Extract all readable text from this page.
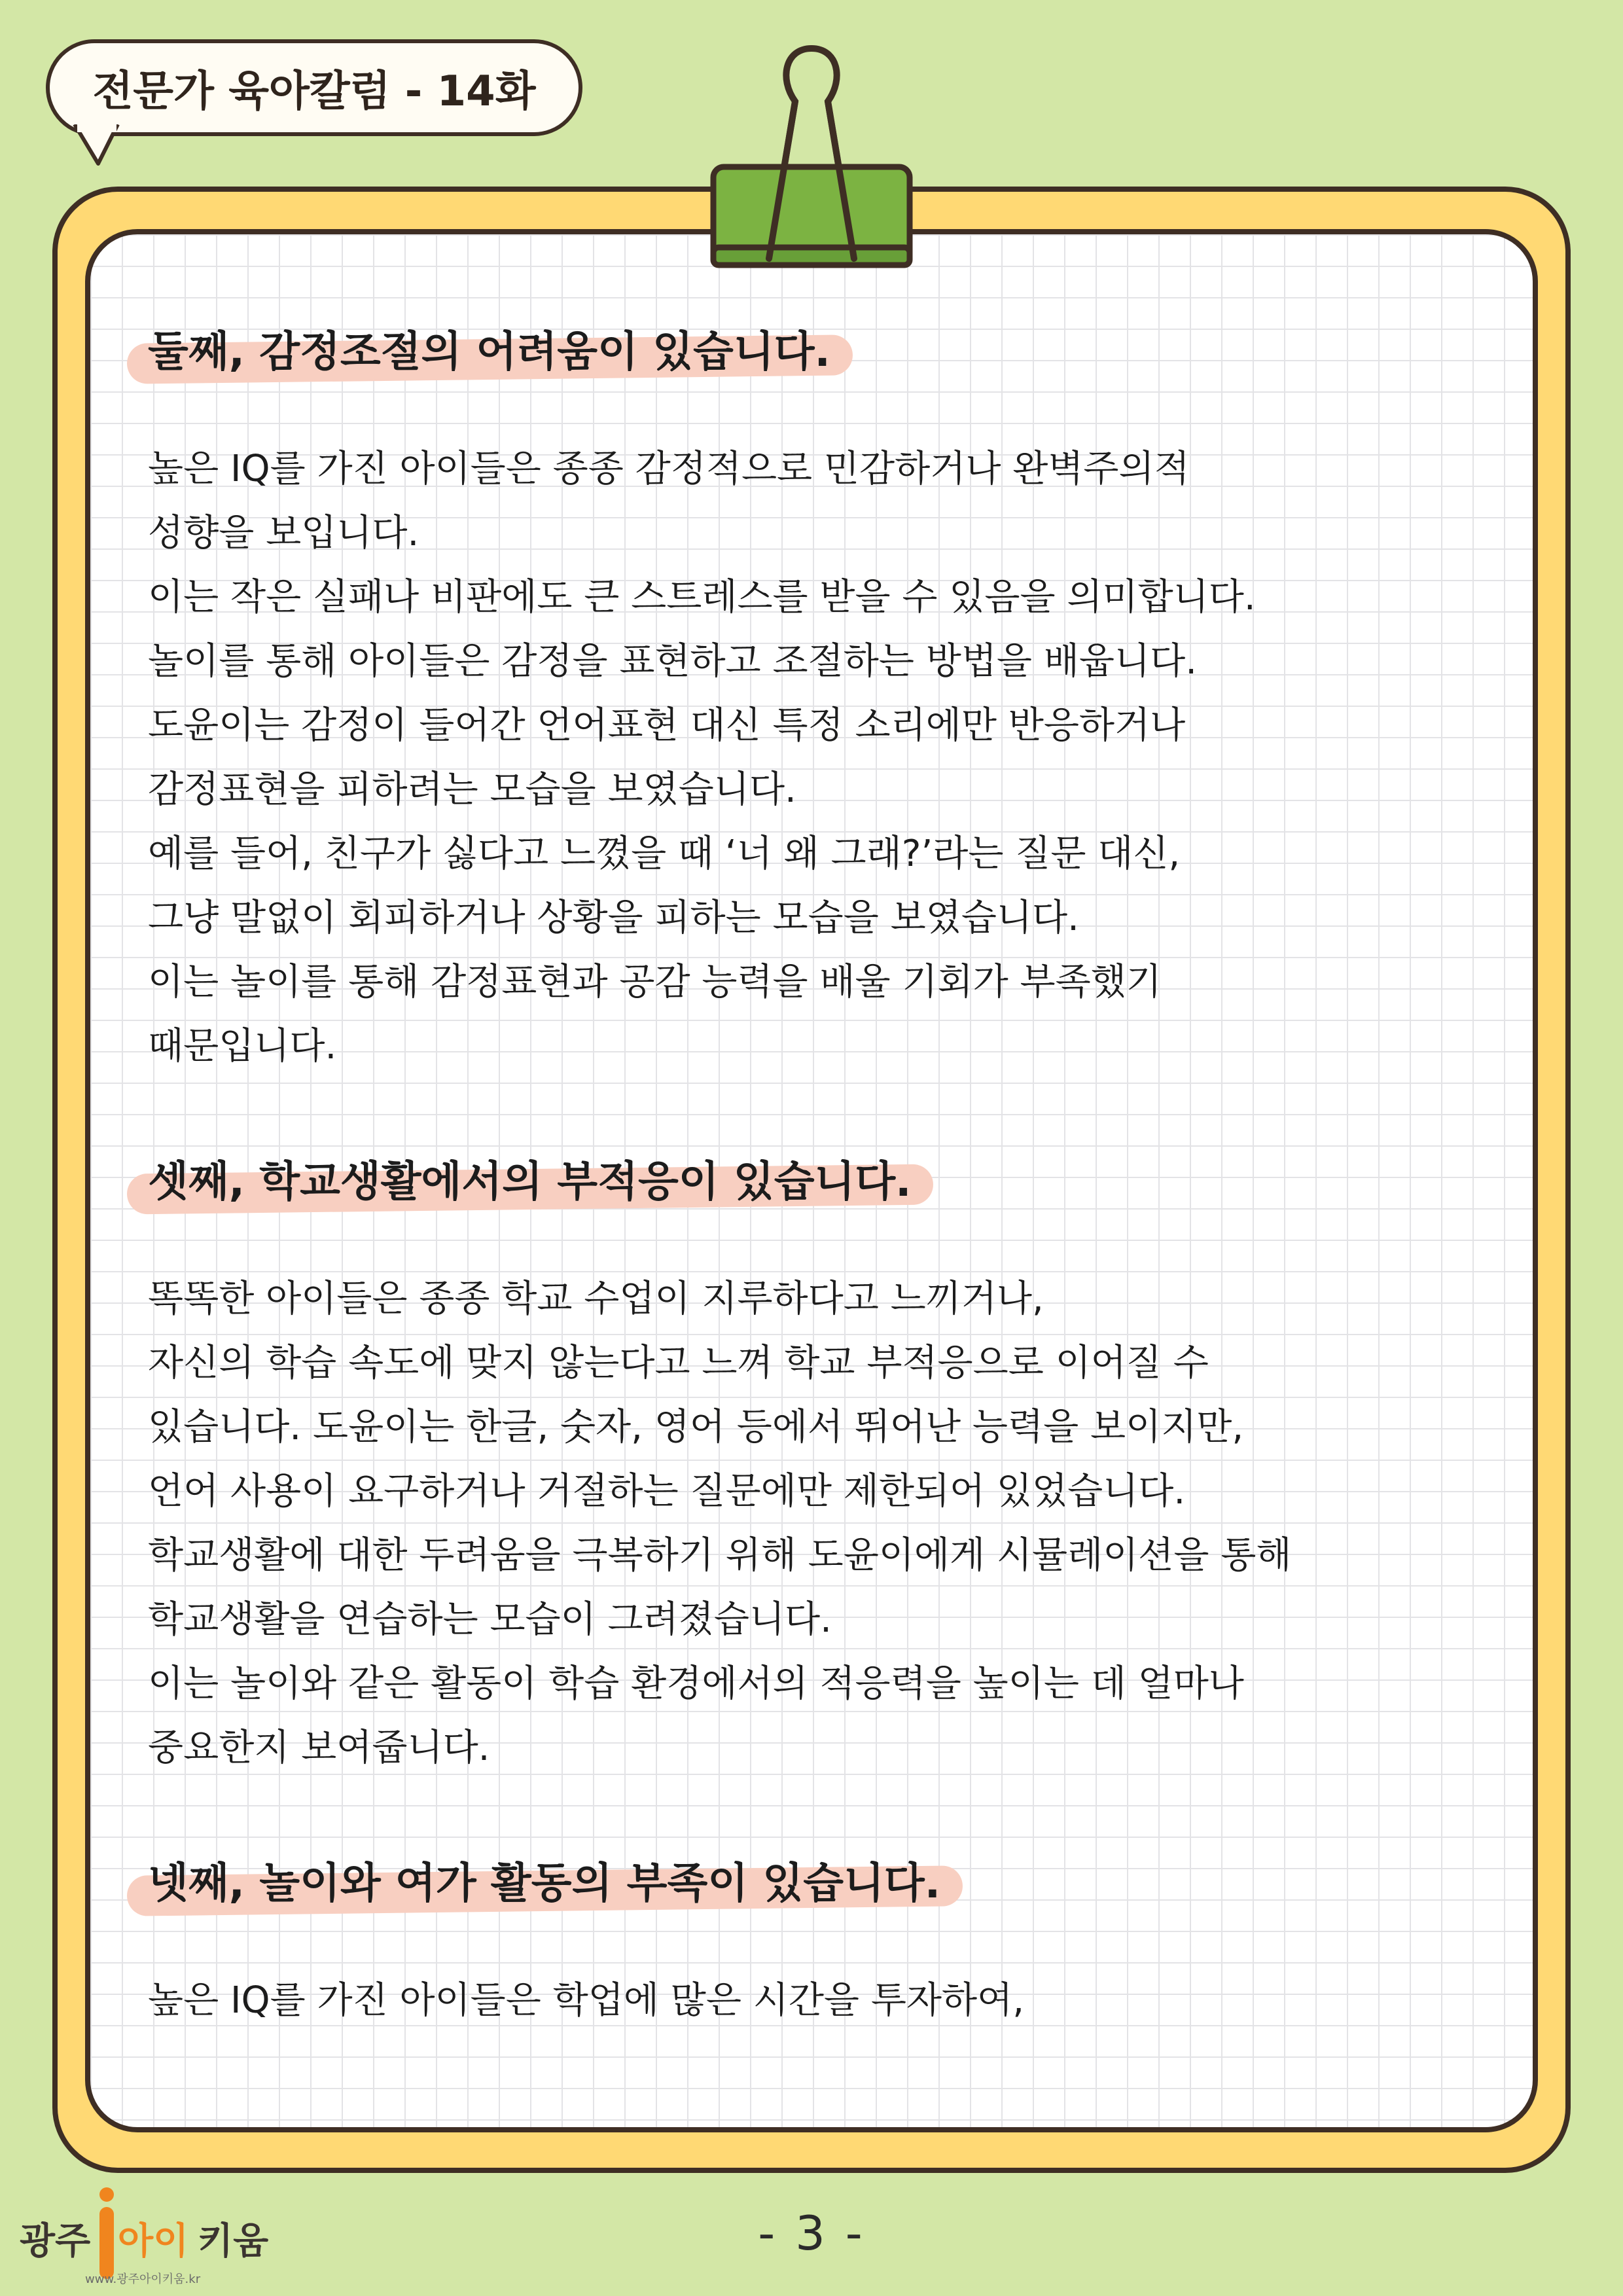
전문가 육아칼럼 - 14화
둘째, 감정조절의 어려움이 있습니다.

높은 IQ를 가진 아이들은 종종 감정적으로 민감하거나 완벽주의적
성향을 보입니다.
이는 작은 실패나 비판에도 큰 스트레스를 받을 수 있음을 의미합니다.
놀이를 통해 아이들은 감정을 표현하고 조절하는 방법을 배웁니다.
도윤이는 감정이 들어간 언어표현 대신 특정 소리에만 반응하거나
감정표현을 피하려는 모습을 보였습니다.
예를 들어, 친구가 싫다고 느꼈을 때 ‘너 왜 그래?’라는 질문 대신,
그냥 말없이 회피하거나 상황을 피하는 모습을 보였습니다.
이는 놀이를 통해 감정표현과 공감 능력을 배울 기회가 부족했기
때문입니다.

셋째, 학교생활에서의 부적응이 있습니다.

똑똑한 아이들은 종종 학교 수업이 지루하다고 느끼거나,
자신의 학습 속도에 맞지 않는다고 느껴 학교 부적응으로 이어질 수
있습니다. 도윤이는 한글, 숫자, 영어 등에서 뛰어난 능력을 보이지만,
언어 사용이 요구하거나 거절하는 질문에만 제한되어 있었습니다.
학교생활에 대한 두려움을 극복하기 위해 도윤이에게 시뮬레이션을 통해
학교생활을 연습하는 모습이 그려졌습니다.
이는 놀이와 같은 활동이 학습 환경에서의 적응력을 높이는 데 얼마나
중요한지 보여줍니다.

넷째, 놀이와 여가 활동의 부족이 있습니다.

높은 IQ를 가진 아이들은 학업에 많은 시간을 투자하여,

광주 아이 키움
www.광주아이키움.kr
- 3 -
